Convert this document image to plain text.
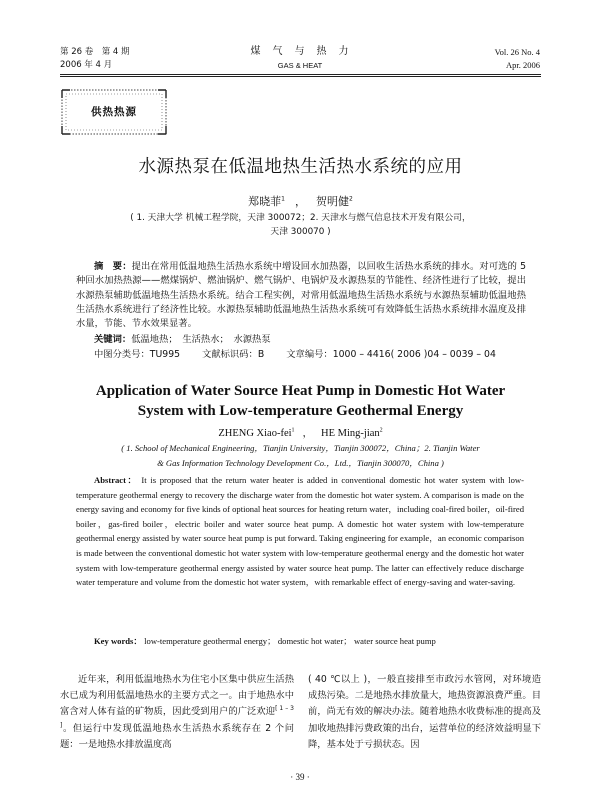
第 26 卷　第 4 期
2006 年 4 月
煤　气　与　热　力
GAS & HEAT
Vol. 26 No. 4
Apr. 2006
供热热源
水源热泵在低温地热生活热水系统的应用
郑晓菲$^1$ ， 贺明健$^2$
( 1. 天津大学 机械工程学院，天津 300072；2. 天津水与燃气信息技术开发有限公司，
天津 300070 )
摘　要：提出在常用低温地热生活热水系统中增设回水加热器，以回收生活热水系统的排水。对可选的 5 种回水加热热源——燃煤锅炉、燃油锅炉、燃气锅炉、电锅炉及水源热泵的节能性、经济性进行了比较，提出水源热泵辅助低温地热生活热水系统。结合工程实例，对常用低温地热生活热水系统与水源热泵辅助低温地热生活热水系统进行了经济性比较。水源热泵辅助低温地热生活热水系统可有效降低生活热水系统排水温度及排水量，节能、节水效果显著。
关键词：低温地热；　生活热水；　水源热泵
中图分类号：TU995 文献标识码：B 文章编号：1000 – 4416( 2006 )04 – 0039 – 04
Application of Water Source Heat Pump in Domestic Hot Water
System with Low-temperature Geothermal Energy
ZHENG Xiao-fei$^1$ ， HE Ming-jian$^2$
( 1. School of Mechanical Engineering，Tianjin University，Tianjin 300072，China；2. Tianjin Water
& Gas Information Technology Development Co.，Ltd.，Tianjin 300070，China )
Abstract： It is proposed that the return water heater is added in conventional domestic hot water system with low-temperature geothermal energy to recovery the discharge water from the domestic hot water system. A comparison is made on the energy saving and economy for five kinds of optional heat sources for heating return water，including coal-fired boiler，oil-fired boiler，gas-fired boiler，electric boiler and water source heat pump. A domestic hot water system with low-temperature geothermal energy assisted by water source heat pump is put forward. Taking engineering for example，an economic comparison is made between the conventional domestic hot water system with low-temperature geothermal energy and the domestic hot water system with low-temperature geothermal energy assisted by water source heat pump. The latter can effectively reduce discharge water temperature and volume from the domestic hot water system，with remarkable effect of energy-saving and water-saving.
Key words： low-temperature geothermal energy； domestic hot water； water source heat pump
近年来，利用低温地热水为住宅小区集中供应生活热水已成为利用低温地热水的主要方式之一。由于地热水中富含对人体有益的矿物质，因此受到用户的广泛欢迎[ 1 – 3 ]。但运行中发现低温地热水生活热水系统存在 2 个问题：一是地热水排放温度高
( 40 ℃以上 )，一般直接排至市政污水管网，对环境造成热污染。二是地热水排放量大，地热资源浪费严重。目前，尚无有效的解决办法。随着地热水收费标准的提高及加收地热排污费政策的出台，运营单位的经济效益明显下降，基本处于亏损状态。因
· 39 ·
